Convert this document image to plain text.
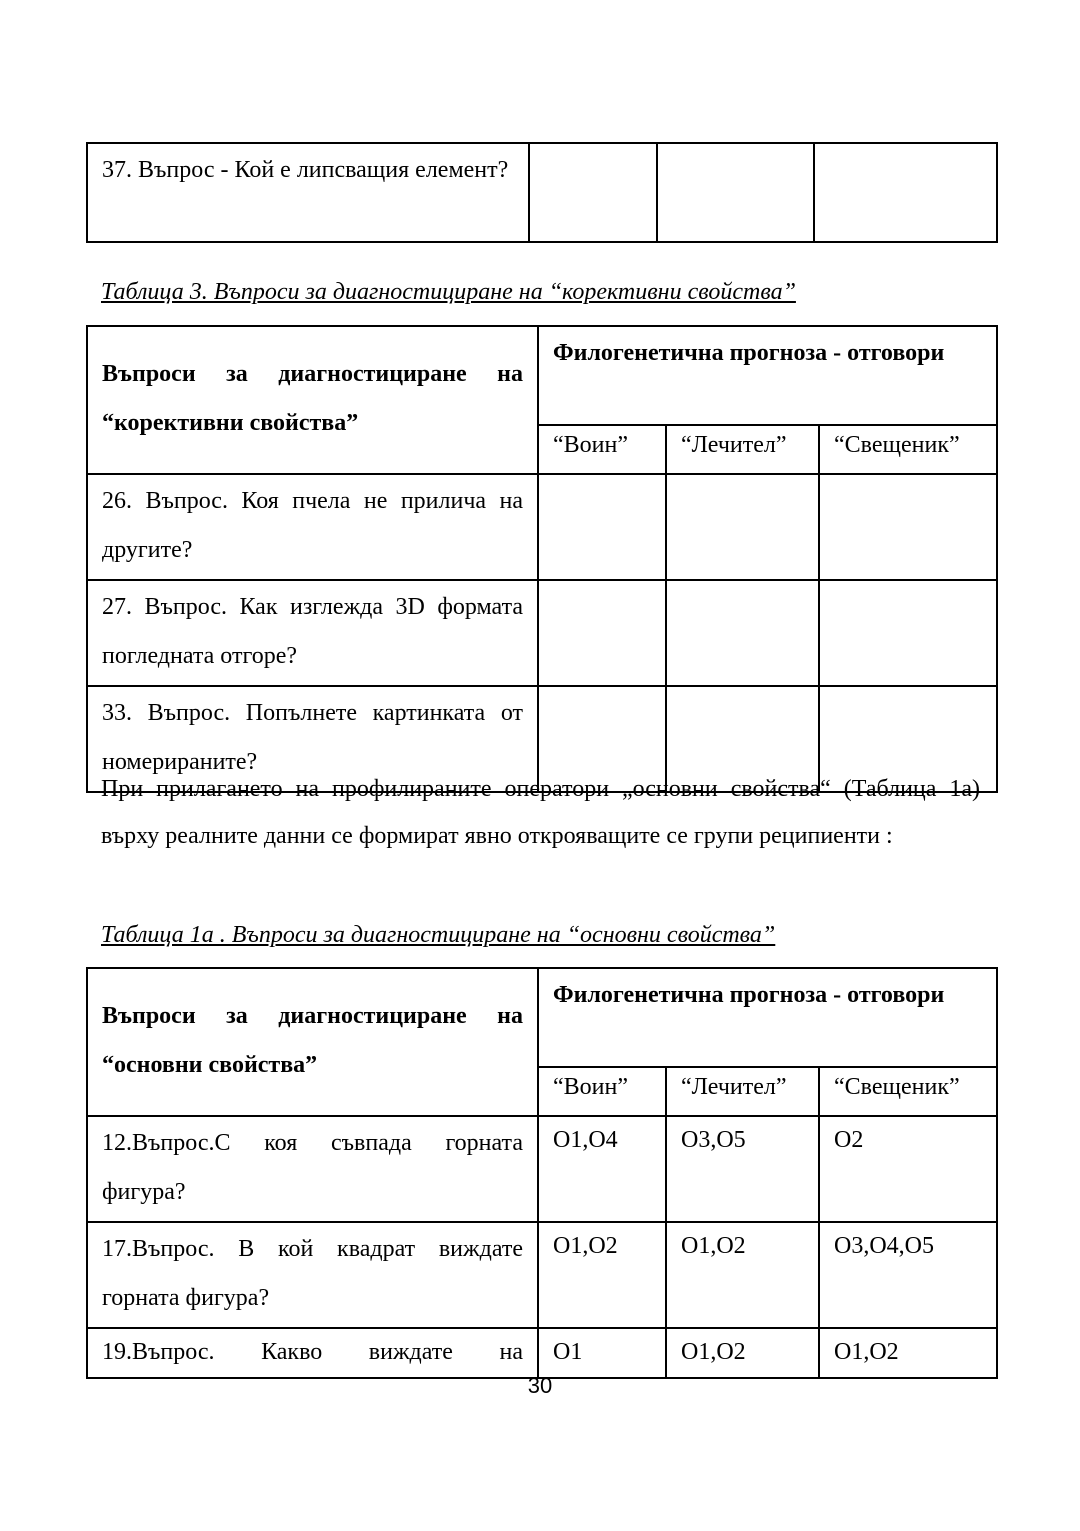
37. Въпрос - Кой е липсващия елемент?			
Таблица 3. Въпроси за диагностициране на “корективни свойства”
Въпроси за диагностициране на “корективни свойства”	Филогенетична прогноза - отговори		
	“Воин”	“Лечител”	“Свещеник”
26. Въпрос. Коя пчела не прилича на другите?			
27. Въпрос. Как изглежда 3D формата погледната отгоре?			
33. Въпрос. Попълнете картинката от номерираните?			
При прилагането на профилираните оператори „основни свойства“ (Таблица 1а) върху реалните данни се формират явно открояващите се групи реципиенти :
Таблица 1а . Въпроси за диагностициране на “основни свойства”
Въпроси за диагностициране на “основни свойства”	Филогенетична прогноза - отговори		
	“Воин”	“Лечител”	“Свещеник”
12.Въпрос.С коя съвпада горната фигура?	O1,O4	O3,O5	O2
17.Въпрос. В кой квадрат виждате горната фигура?	O1,O2	O1,O2	O3,O4,O5
19.Въпрос. Какво виждате на	O1	O1,O2	O1,O2
30
